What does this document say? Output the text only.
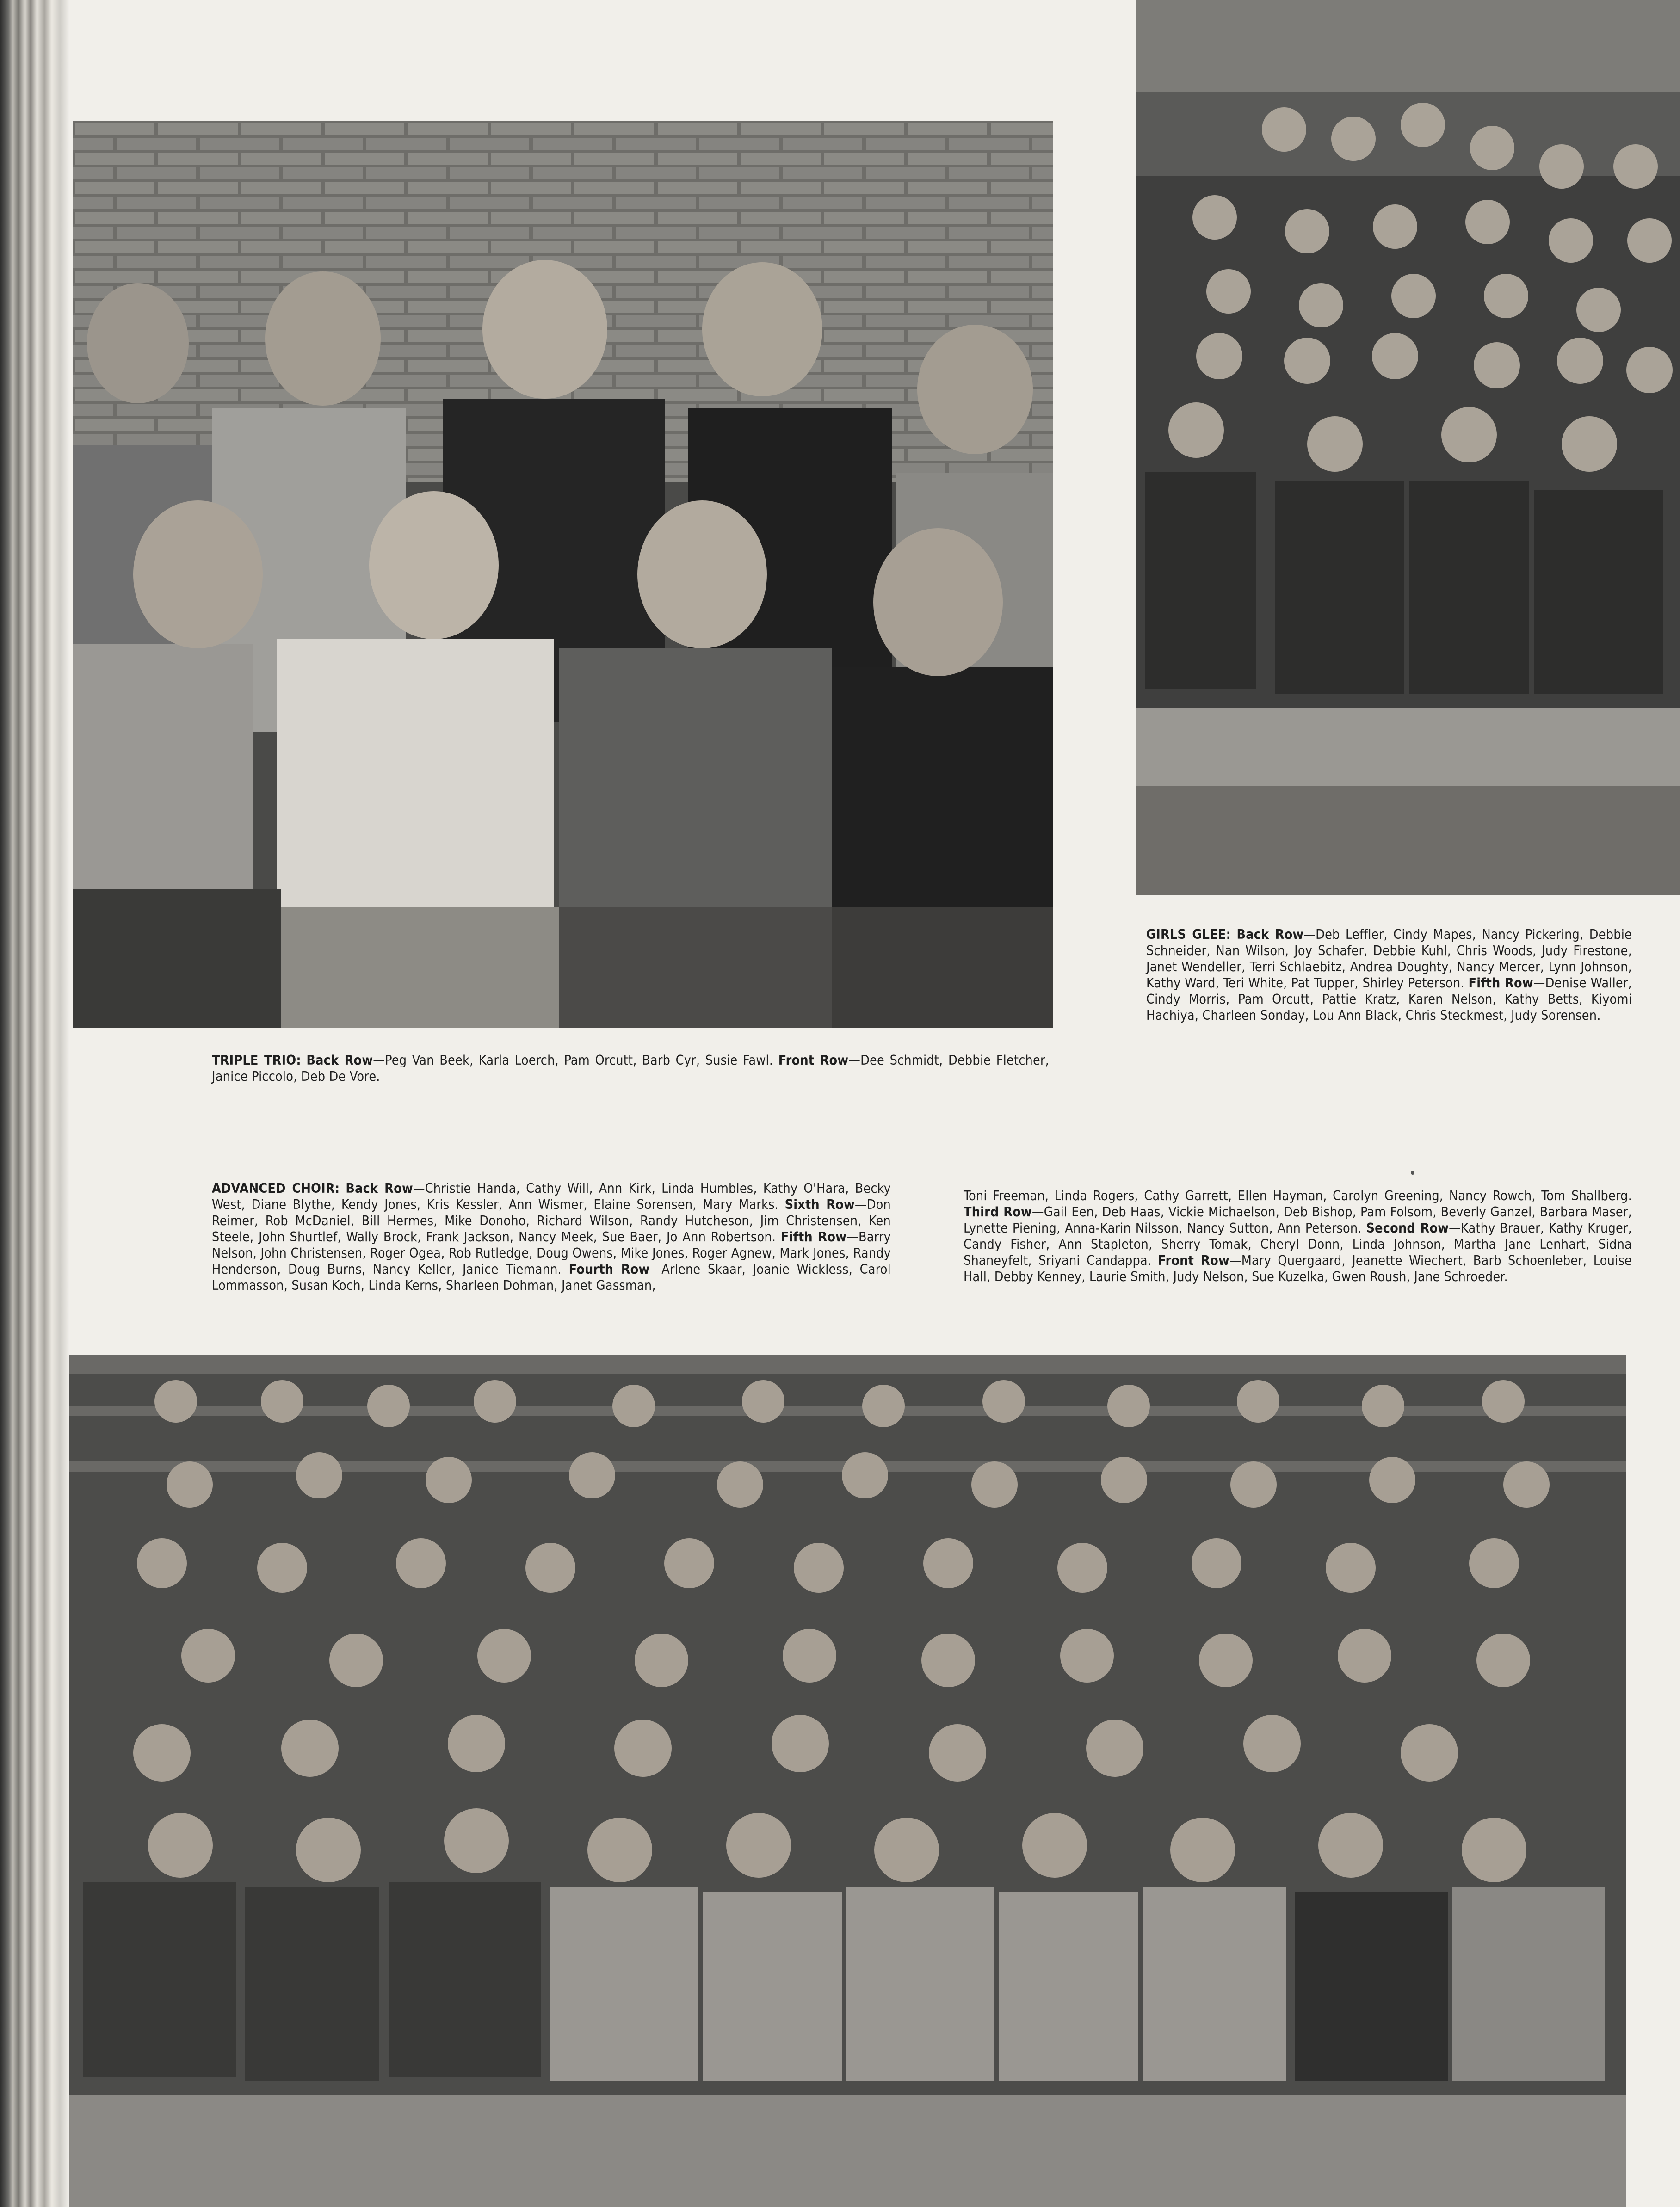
TRIPLE TRIO: Back Row—Peg Van Beek, Karla Loerch, Pam Orcutt, Barb Cyr, Susie Fawl. Front Row—Dee Schmidt, Debbie Fletcher, Janice Piccolo, Deb De Vore.
GIRLS GLEE: Back Row—Deb Leffler, Cindy Mapes, Nancy Pickering, Debbie Schneider, Nan Wilson, Joy Schafer, Debbie Kuhl, Chris Woods, Judy Firestone, Janet Wendeller, Terri Schlaebitz, Andrea Doughty, Nancy Mercer, Lynn Johnson, Kathy Ward, Teri White, Pat Tupper, Shirley Peterson. Fifth Row—Denise Waller, Cindy Morris, Pam Orcutt, Pattie Kratz, Karen Nelson, Kathy Betts, Kiyomi Hachiya, Charleen Sonday, Lou Ann Black, Chris Steckmest, Judy Sorensen.
ADVANCED CHOIR: Back Row—Christie Handa, Cathy Will, Ann Kirk, Linda Humbles, Kathy O'Hara, Becky West, Diane Blythe, Kendy Jones, Kris Kessler, Ann Wismer, Elaine Sorensen, Mary Marks. Sixth Row—Don Reimer, Rob McDaniel, Bill Hermes, Mike Donoho, Richard Wilson, Randy Hutcheson, Jim Christensen, Ken Steele, John Shurtlef, Wally Brock, Frank Jackson, Nancy Meek, Sue Baer, Jo Ann Robertson. Fifth Row—Barry Nelson, John Christensen, Roger Ogea, Rob Rutledge, Doug Owens, Mike Jones, Roger Agnew, Mark Jones, Randy Henderson, Doug Burns, Nancy Keller, Janice Tiemann. Fourth Row—Arlene Skaar, Joanie Wickless, Carol Lommasson, Susan Koch, Linda Kerns, Sharleen Dohman, Janet Gassman,
Toni Freeman, Linda Rogers, Cathy Garrett, Ellen Hayman, Carolyn Greening, Nancy Rowch, Tom Shallberg. Third Row—Gail Een, Deb Haas, Vickie Michaelson, Deb Bishop, Pam Folsom, Beverly Ganzel, Barbara Maser, Lynette Piening, Anna-Karin Nilsson, Nancy Sutton, Ann Peterson. Second Row—Kathy Brauer, Kathy Kruger, Candy Fisher, Ann Stapleton, Sherry Tomak, Cheryl Donn, Linda Johnson, Martha Jane Lenhart, Sidna Shaneyfelt, Sriyani Candappa. Front Row—Mary Quergaard, Jeanette Wiechert, Barb Schoenleber, Louise Hall, Debby Kenney, Laurie Smith, Judy Nelson, Sue Kuzelka, Gwen Roush, Jane Schroeder.
